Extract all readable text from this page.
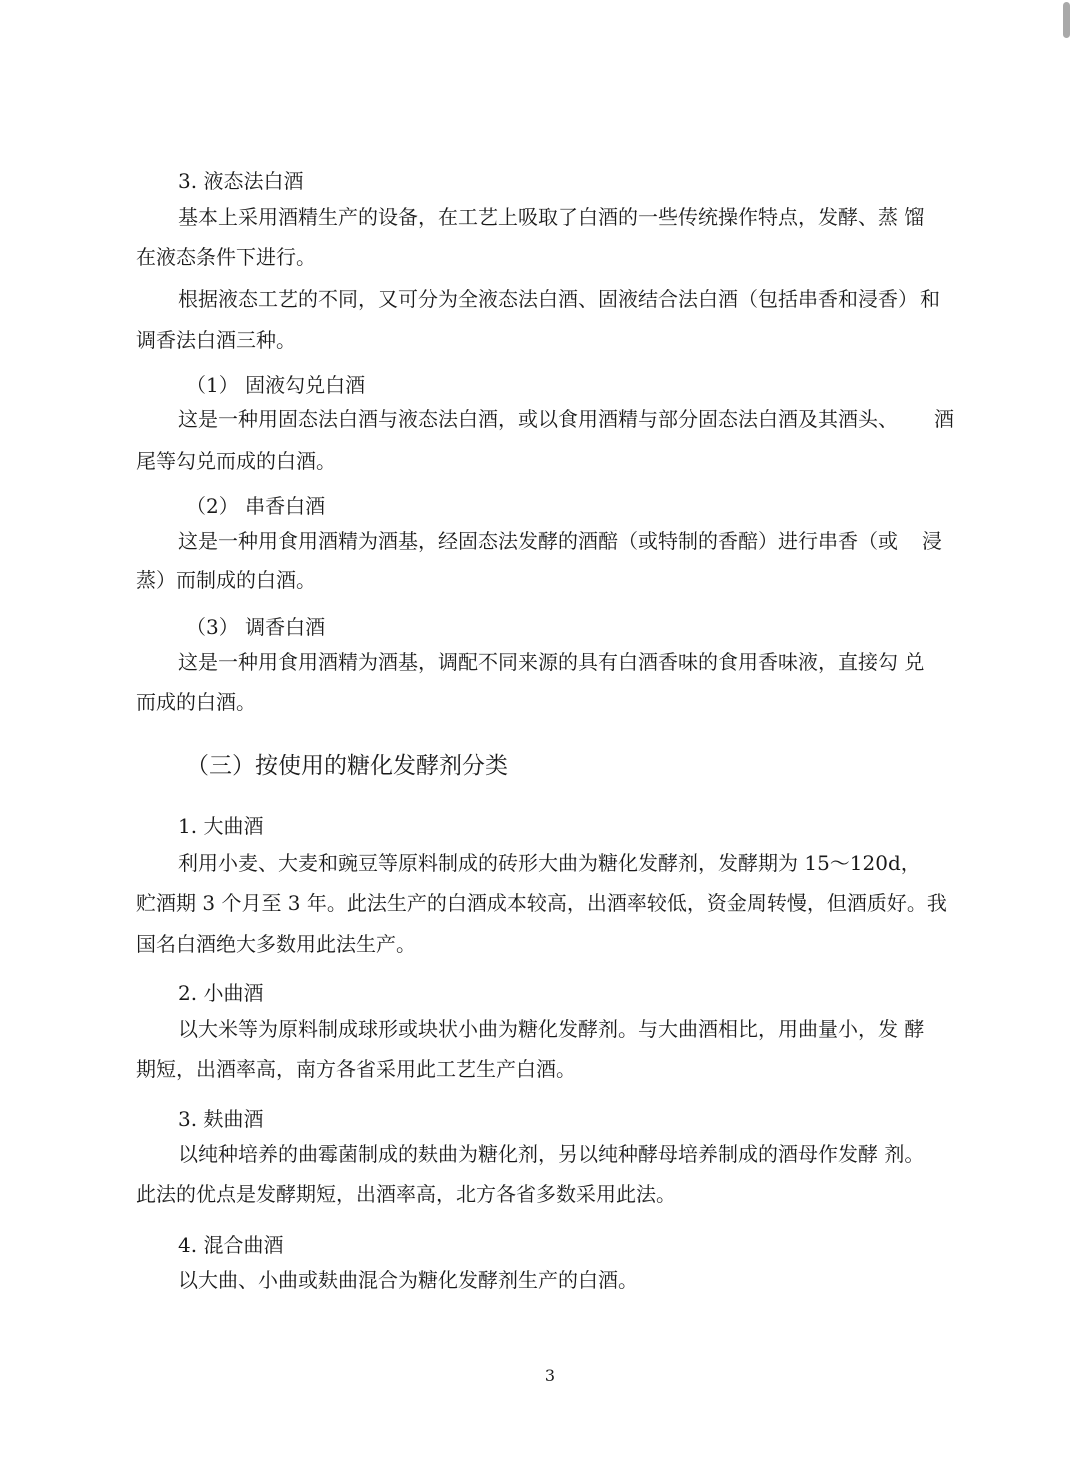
3. 液态法白酒
基本上采用酒精生产的设备，在工艺上吸取了白酒的一些传统操作特点，发酵、蒸 馏
在液态条件下进行。
根据液态工艺的不同，又可分为全液态法白酒、固液结合法白酒（包括串香和浸香） 和
调香法白酒三种。
（1） 固液勾兑白酒
这是一种用固态法白酒与液态法白酒，或以食用酒精与部分固态法白酒及其酒头、 酒
尾等勾兑而成的白酒。
（2） 串香白酒
这是一种用食用酒精为酒基，经固态法发酵的酒醅（或特制的香醅）进行串香（或 浸
蒸）而制成的白酒。
（3） 调香白酒
这是一种用食用酒精为酒基，调配不同来源的具有白酒香味的食用香味液，直接勾 兑
而成的白酒。
（三）按使用的糖化发酵剂分类
1. 大曲酒
利用小麦、大麦和豌豆等原料制成的砖形大曲为糖化发酵剂，发酵期为 15～120d，
贮酒期 3 个月至 3 年。此法生产的白酒成本较高，出酒率较低，资金周转慢，但酒质好。我
国名白酒绝大多数用此法生产。
2. 小曲酒
以大米等为原料制成球形或块状小曲为糖化发酵剂。与大曲酒相比，用曲量小，发 酵
期短，出酒率高，南方各省采用此工艺生产白酒。
3. 麸曲酒
以纯种培养的曲霉菌制成的麸曲为糖化剂，另以纯种酵母培养制成的酒母作发酵 剂。
此法的优点是发酵期短，出酒率高，北方各省多数采用此法。
4. 混合曲酒
以大曲、小曲或麸曲混合为糖化发酵剂生产的白酒。
3
